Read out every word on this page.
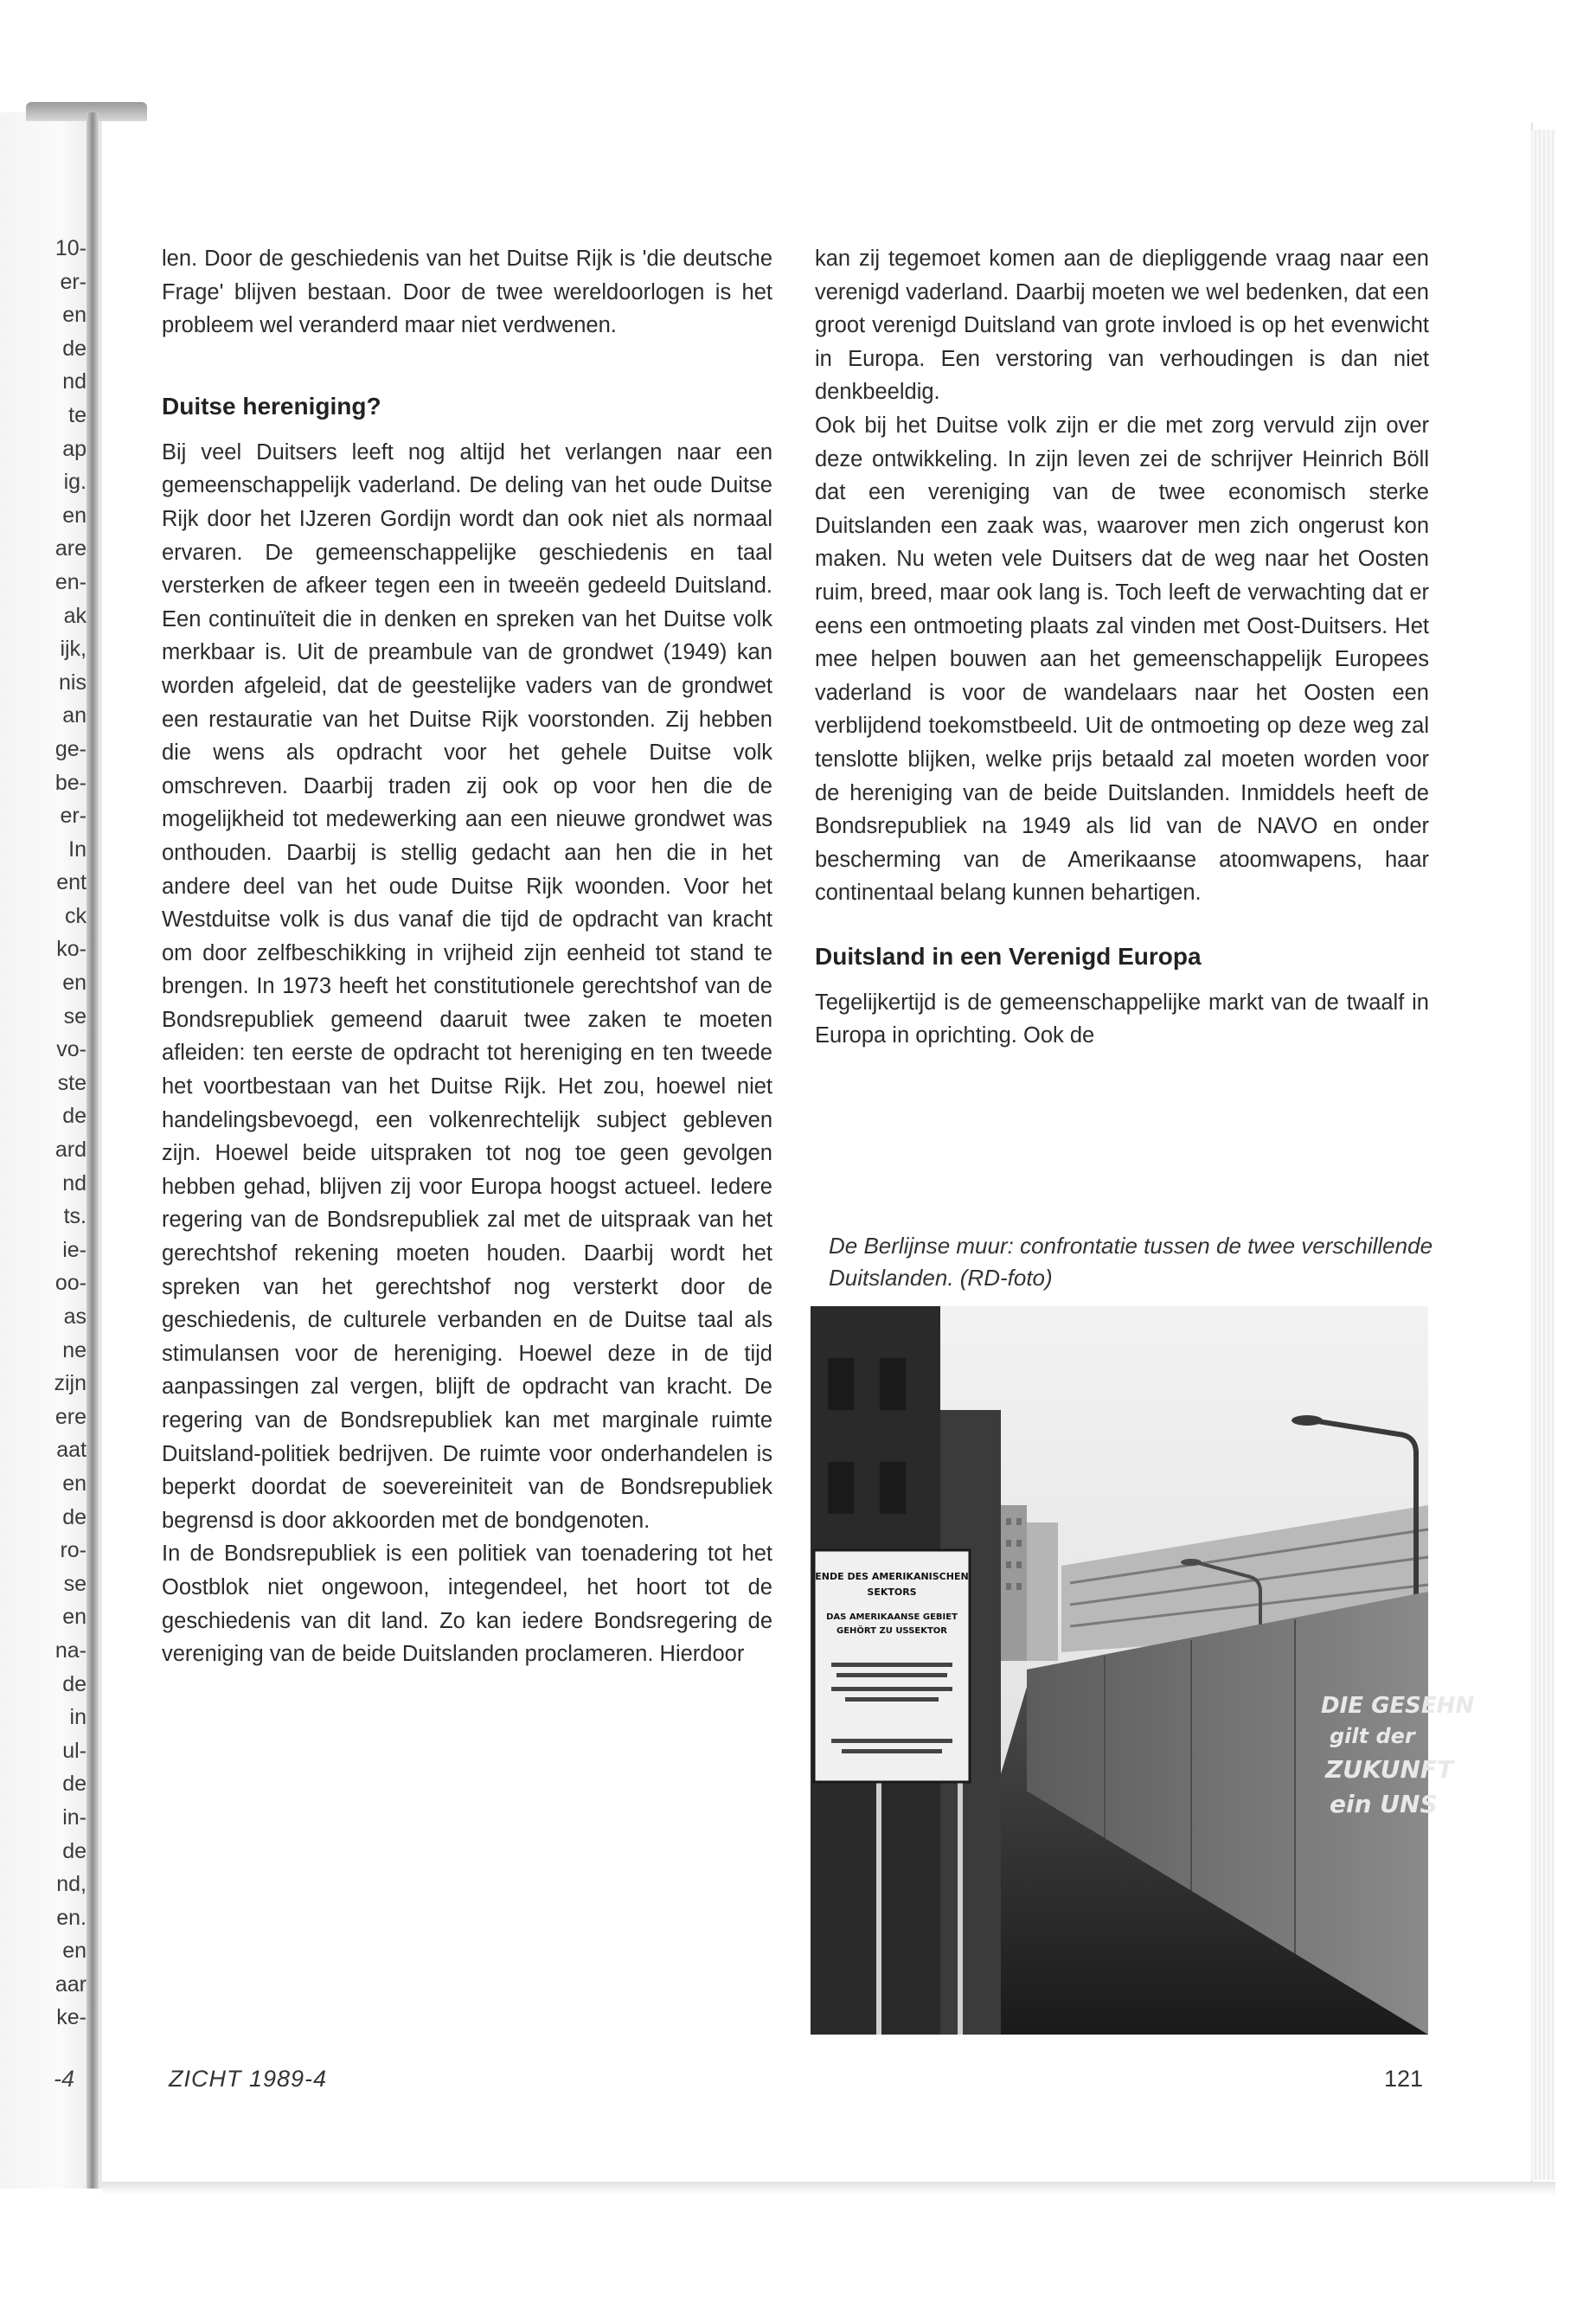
10-
er-
en
de
nd
te
ap
ig.
en
are
en-
ak
ijk,
nis
an
ge-
be-
er-
In
ent
ck
ko-
en
se
vo-
ste
de
ard
nd
ts.
ie-
oo-
as
ne
zijn
ere
aat
en
de
ro-
se
en
na-
de
in
ul-
de
in-
de
nd,
en.
en
aar
ke-
-4

len. Door de geschiedenis van het Duitse Rijk is 'die deutsche Frage' blijven bestaan. Door de twee wereldoorlogen is het probleem wel veranderd maar niet verdwenen.

Duitse hereniging?

Bij veel Duitsers leeft nog altijd het verlangen naar een gemeenschappelijk vaderland. De deling van het oude Duitse Rijk door het IJzeren Gordijn wordt dan ook niet als normaal ervaren. De gemeenschappelijke geschiedenis en taal versterken de afkeer tegen een in tweeën gedeeld Duitsland. Een continuïteit die in denken en spreken van het Duitse volk merkbaar is. Uit de preambule van de grondwet (1949) kan worden afgeleid, dat de geestelijke vaders van de grondwet een restauratie van het Duitse Rijk voorstonden. Zij hebben die wens als opdracht voor het gehele Duitse volk omschreven. Daarbij traden zij ook op voor hen die de mogelijkheid tot medewerking aan een nieuwe grondwet was onthouden. Daarbij is stellig gedacht aan hen die in het andere deel van het oude Duitse Rijk woonden. Voor het Westduitse volk is dus vanaf die tijd de opdracht van kracht om door zelfbeschikking in vrijheid zijn eenheid tot stand te brengen. In 1973 heeft het constitutionele gerechtshof van de Bondsrepubliek gemeend daaruit twee zaken te moeten afleiden: ten eerste de opdracht tot hereniging en ten tweede het voortbestaan van het Duitse Rijk. Het zou, hoewel niet handelingsbevoegd, een volkenrechtelijk subject gebleven zijn. Hoewel beide uitspraken tot nog toe geen gevolgen hebben gehad, blijven zij voor Europa hoogst actueel. Iedere regering van de Bondsrepubliek zal met de uitspraak van het gerechtshof rekening moeten houden. Daarbij wordt het spreken van het gerechtshof nog versterkt door de geschiedenis, de culturele verbanden en de Duitse taal als stimulansen voor de hereniging. Hoewel deze in de tijd aanpassingen zal vergen, blijft de opdracht van kracht. De regering van de Bondsrepubliek kan met marginale ruimte Duitsland-politiek bedrijven. De ruimte voor onderhandelen is beperkt doordat de soevereiniteit van de Bondsrepubliek begrensd is door akkoorden met de bondgenoten.

In de Bondsrepubliek is een politiek van toenadering tot het Oostblok niet ongewoon, integendeel, het hoort tot de geschiedenis van dit land. Zo kan iedere Bondsregering de vereniging van de beide Duitslanden proclameren. Hierdoor

kan zij tegemoet komen aan de diepliggende vraag naar een verenigd vaderland. Daarbij moeten we wel bedenken, dat een groot verenigd Duitsland van grote invloed is op het evenwicht in Europa. Een verstoring van verhoudingen is dan niet denkbeeldig.

Ook bij het Duitse volk zijn er die met zorg vervuld zijn over deze ontwikkeling. In zijn leven zei de schrijver Heinrich Böll dat een vereniging van de twee economisch sterke Duitslanden een zaak was, waarover men zich ongerust kon maken. Nu weten vele Duitsers dat de weg naar het Oosten ruim, breed, maar ook lang is. Toch leeft de verwachting dat er eens een ontmoeting plaats zal vinden met Oost-Duitsers. Het mee helpen bouwen aan het gemeenschappelijk Europees vaderland is voor de wandelaars naar het Oosten een verblijdend toekomstbeeld. Uit de ontmoeting op deze weg zal tenslotte blijken, welke prijs betaald zal moeten worden voor de hereniging van de beide Duitslanden. Inmiddels heeft de Bondsrepubliek na 1949 als lid van de NAVO en onder bescherming van de Amerikaanse atoomwapens, haar continentaal belang kunnen behartigen.

Duitsland in een Verenigd Europa

Tegelijkertijd is de gemeenschappelijke markt van de twaalf in Europa in oprichting. Ook de

De Berlijnse muur: confrontatie tussen de twee verschillende Duitslanden. (RD-foto)
DIE GESEHN
gilt der
ZUKUNFT
ein UNS
ENDE DES AMERIKANISCHEN
SEKTORS
DAS AMERIKAANSE GEBIET
GEHÖRT ZU USSEKTOR
ZICHT 1989-4	121
